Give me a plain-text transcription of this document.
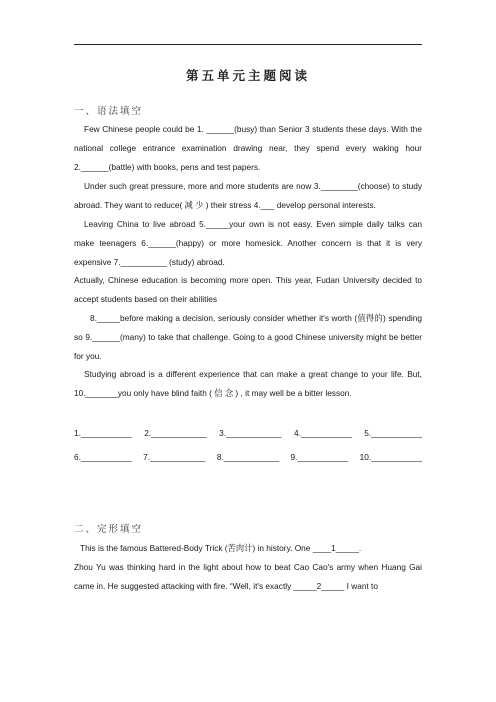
第五单元主题阅读
一、语法填空
Few Chinese people could be 1. ______(busy) than Senior 3 students these days. With the national college entrance examination drawing near, they spend every waking hour 2.______(battle) with books, pens and test papers.
Under such great pressure, more and more students are now 3.________(choose) to study abroad. They want to reduce( 减 少 ) their stress 4.___ develop personal interests.
Leaving China to live abroad 5._____your own is not easy. Even simple daily talks can make teenagers 6.______(happy) or more homesick. Another concern is that it is very expensive 7.__________ (study) abroad.
Actually, Chinese education is becoming more open. This year, Fudan University decided to accept students based on their abilities
8._____before making a decision, seriously consider whether it's worth (值得的) spending so 9.______(many) to take that challenge. Going to a good Chinese university might be better for you.
Studying abroad is a different experience that can make a great change to your life. But, 10._______you only have blind faith ( 信 念 ) , it may well be a bitter lesson.
1.___________ 2.____________ 3.____________ 4.___________ 5.___________
6.___________ 7.____________ 8.____________ 9.___________ 10.___________
二、完形填空
This is the famous Battered-Body Trick (苦肉计) in history. One ____1_____.
Zhou Yu was thinking hard in the light about how to beat Cao Cao's army when Huang Gai came in. He suggested attacking with fire. “Well, it's exactly _____2_____ I want to
